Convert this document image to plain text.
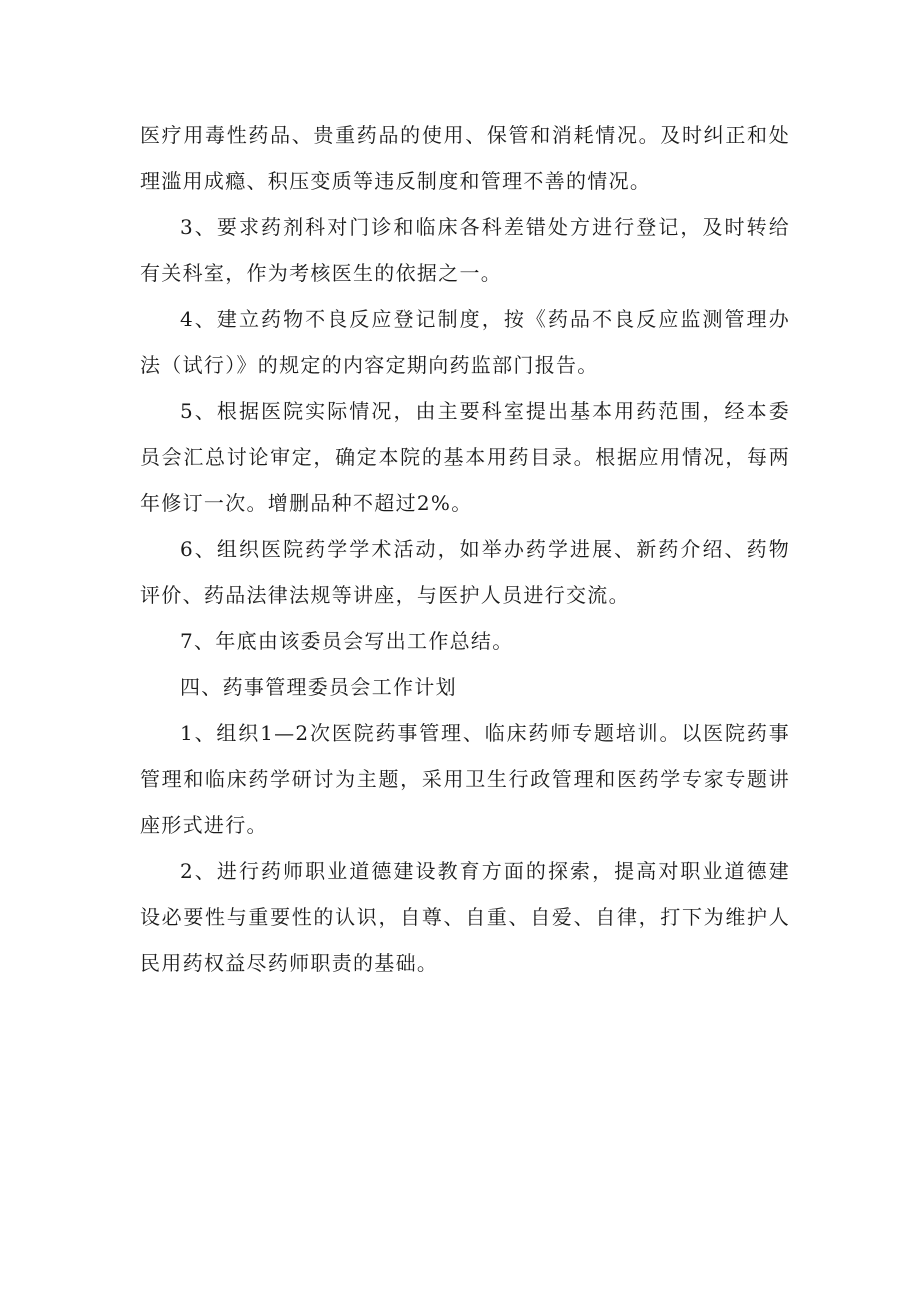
医疗用毒性药品、贵重药品的使用、保管和消耗情况。及时纠正和处理滥用成瘾、积压变质等违反制度和管理不善的情况。

3、要求药剂科对门诊和临床各科差错处方进行登记，及时转给有关科室，作为考核医生的依据之一。

4、建立药物不良反应登记制度，按《药品不良反应监测管理办法（试行）》的规定的内容定期向药监部门报告。

5、根据医院实际情况，由主要科室提出基本用药范围，经本委员会汇总讨论审定，确定本院的基本用药目录。根据应用情况，每两年修订一次。增删品种不超过2%。

6、组织医院药学学术活动，如举办药学进展、新药介绍、药物评价、药品法律法规等讲座，与医护人员进行交流。

7、年底由该委员会写出工作总结。

四、药事管理委员会工作计划

1、组织1—2次医院药事管理、临床药师专题培训。以医院药事管理和临床药学研讨为主题，采用卫生行政管理和医药学专家专题讲座形式进行。

2、进行药师职业道德建设教育方面的探索，提高对职业道德建设必要性与重要性的认识，自尊、自重、自爱、自律，打下为维护人民用药权益尽药师职责的基础。
